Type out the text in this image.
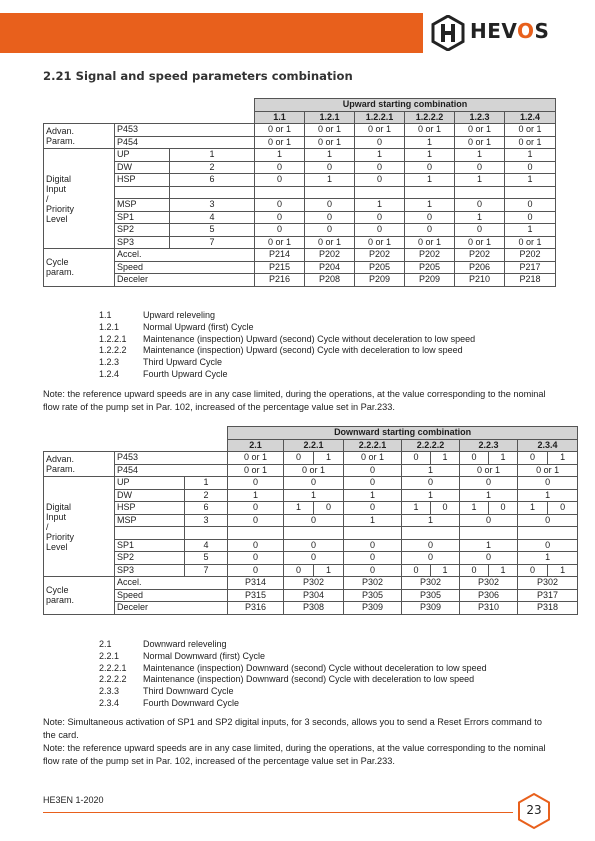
HEVOS
2.21 Signal and speed parameters combination
			Upward starting combination					
			1.1	1.2.1	1.2.2.1	1.2.2.2	1.2.3	1.2.4

Advan.
Param.	P453		0 or 1	0 or 1	0 or 1	0 or 1	0 or 1	0 or 1
	P454		0 or 1	0 or 1	0	1	0 or 1	0 or 1

Digital
Input
/
Priority
Level	UP	1	1	1	1	1	1	1
	DW	2	0	0	0	0	0	0
	HSP	6	0	1	0	1	1	1

	MSP	3	0	0	1	1	0	0
	SP1	4	0	0	0	0	1	0
	SP2	5	0	0	0	0	0	1
	SP3	7	0 or 1	0 or 1	0 or 1	0 or 1	0 or 1	0 or 1

Cycle
param.	Accel.		P214	P202	P202	P202	P202	P202
	Speed		P215	P204	P205	P205	P206	P217
	Deceler		P216	P208	P209	P209	P210	P218
1.1	Upward releveling
1.2.1	Normal Upward (first) Cycle
1.2.2.1 Maintenance (inspection) Upward (second) Cycle without deceleration to low speed
1.2.2.2 Maintenance (inspection) Upward (second) Cycle with deceleration to low speed
1.2.3	Third Upward Cycle
1.2.4	Fourth Upward Cycle
Note: the reference upward speeds are in any case limited, during the operations, at the value corresponding to the nominal flow rate of the pump set in Par. 102, increased of the percentage value set in Par.233.
			Downward starting combination									
			2.1	2.2.1		2.2.2.1	2.2.2.2		2.2.3		2.3.4	

Advan.
Param.	P453		0 or 1	0	1	0 or 1	0	1	0	1	0	1
	P454		0 or 1	0 or 1		0	1		0 or 1		0 or 1	

Digital
Input
/
Priority
Level	UP	1	0	0		0	0		0		0	
	DW	2	1	1		1	1		1		1	
	HSP	6	0	1	0	0	1	0	1	0	1	0
	MSP	3	0	0		1	1		0		0	

	SP1	4	0	0		0	0		1		0	
	SP2	5	0	0		0	0		0		1	
	SP3	7	0	0	1	0	0	1	0	1	0	1

Cycle
param.	Accel.		P314	P302		P302	P302		P302		P302	
	Speed		P315	P304		P305	P305		P306		P317	
	Deceler		P316	P308		P309	P309		P310		P318	
2.1	Downward releveling
2.2.1	Normal Downward (first) Cycle
2.2.2.1 Maintenance (inspection) Downward (second) Cycle without deceleration to low speed
2.2.2.2 Maintenance (inspection) Downward (second) Cycle with deceleration to low speed
2.3.3	Third Downward Cycle
2.3.4	Fourth Downward Cycle
Note: Simultaneous activation of SP1 and SP2 digital inputs, for 3 seconds, allows you to send a Reset Errors command to the card.
Note: the reference upward speeds are in any case limited, during the operations, at the value corresponding to the nominal flow rate of the pump set in Par. 102, increased of the percentage value set in Par.233.
HE3EN 1-2020
23
